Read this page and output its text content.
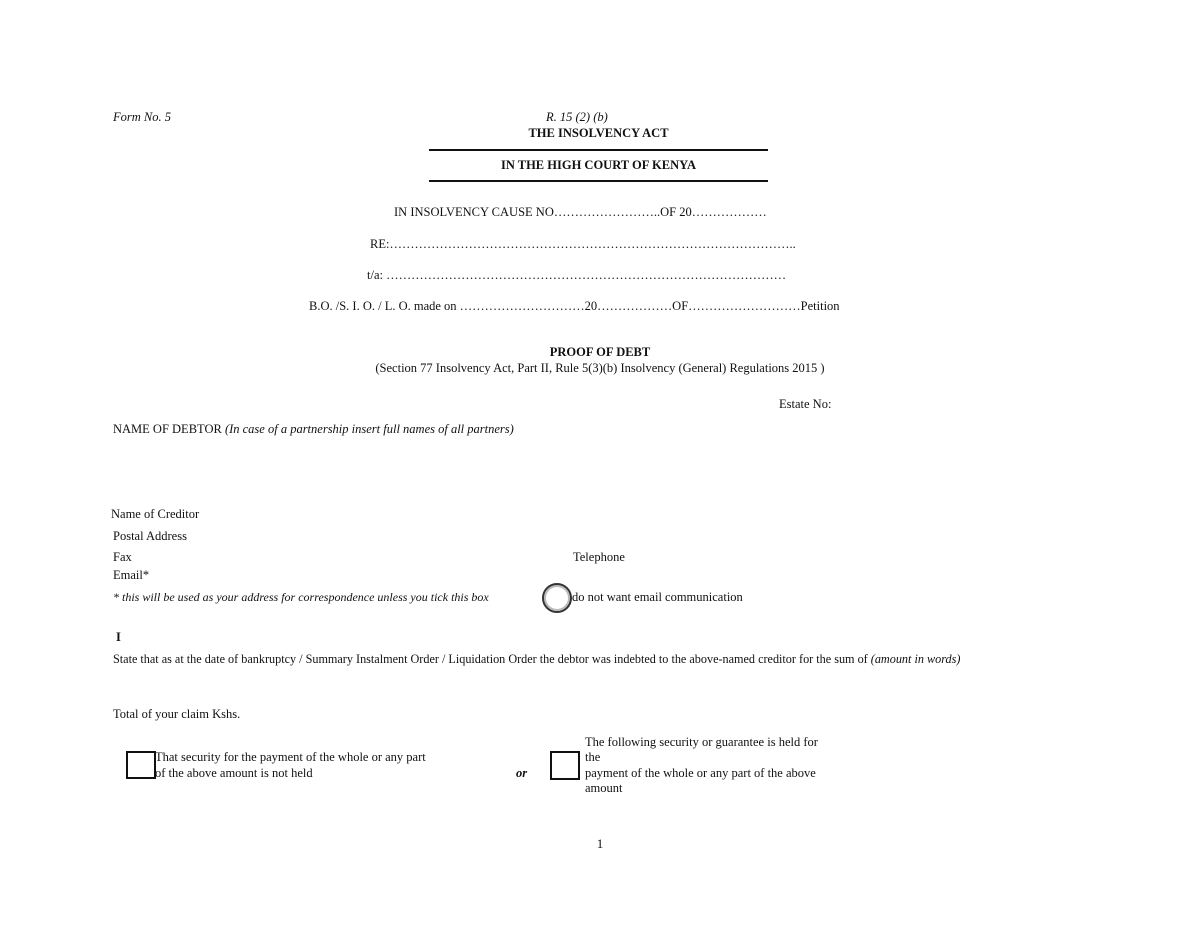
Form No. 5	R. 15 (2) (b)
THE INSOLVENCY ACT
IN THE HIGH COURT OF KENYA
IN INSOLVENCY CAUSE NO……………………..OF 20………………
RE:……………………………………………………………………………………..
t/a: ……………………………………………………………………………………
B.O. /S. I. O. / L. O. made on …………………………20………………OF………………………Petition
PROOF OF DEBT
(Section 77 Insolvency Act, Part II, Rule 5(3)(b) Insolvency (General) Regulations 2015 )
Estate No:
NAME OF DEBTOR (In case of a partnership insert full names of all partners)
Name of Creditor
Postal Address
Fax	Telephone
Email*
* this will be used as your address for correspondence unless you tick this box	do not want email communication
I
State that as at the date of bankruptcy / Summary Instalment Order / Liquidation Order the debtor was indebted to the above-named creditor for the sum of (amount in words)
Total of your claim Kshs.
That security for the payment of the whole or any part
of the above amount is not held	or
The following security or guarantee is held for
the
payment of the whole or any part of the above
amount
1
